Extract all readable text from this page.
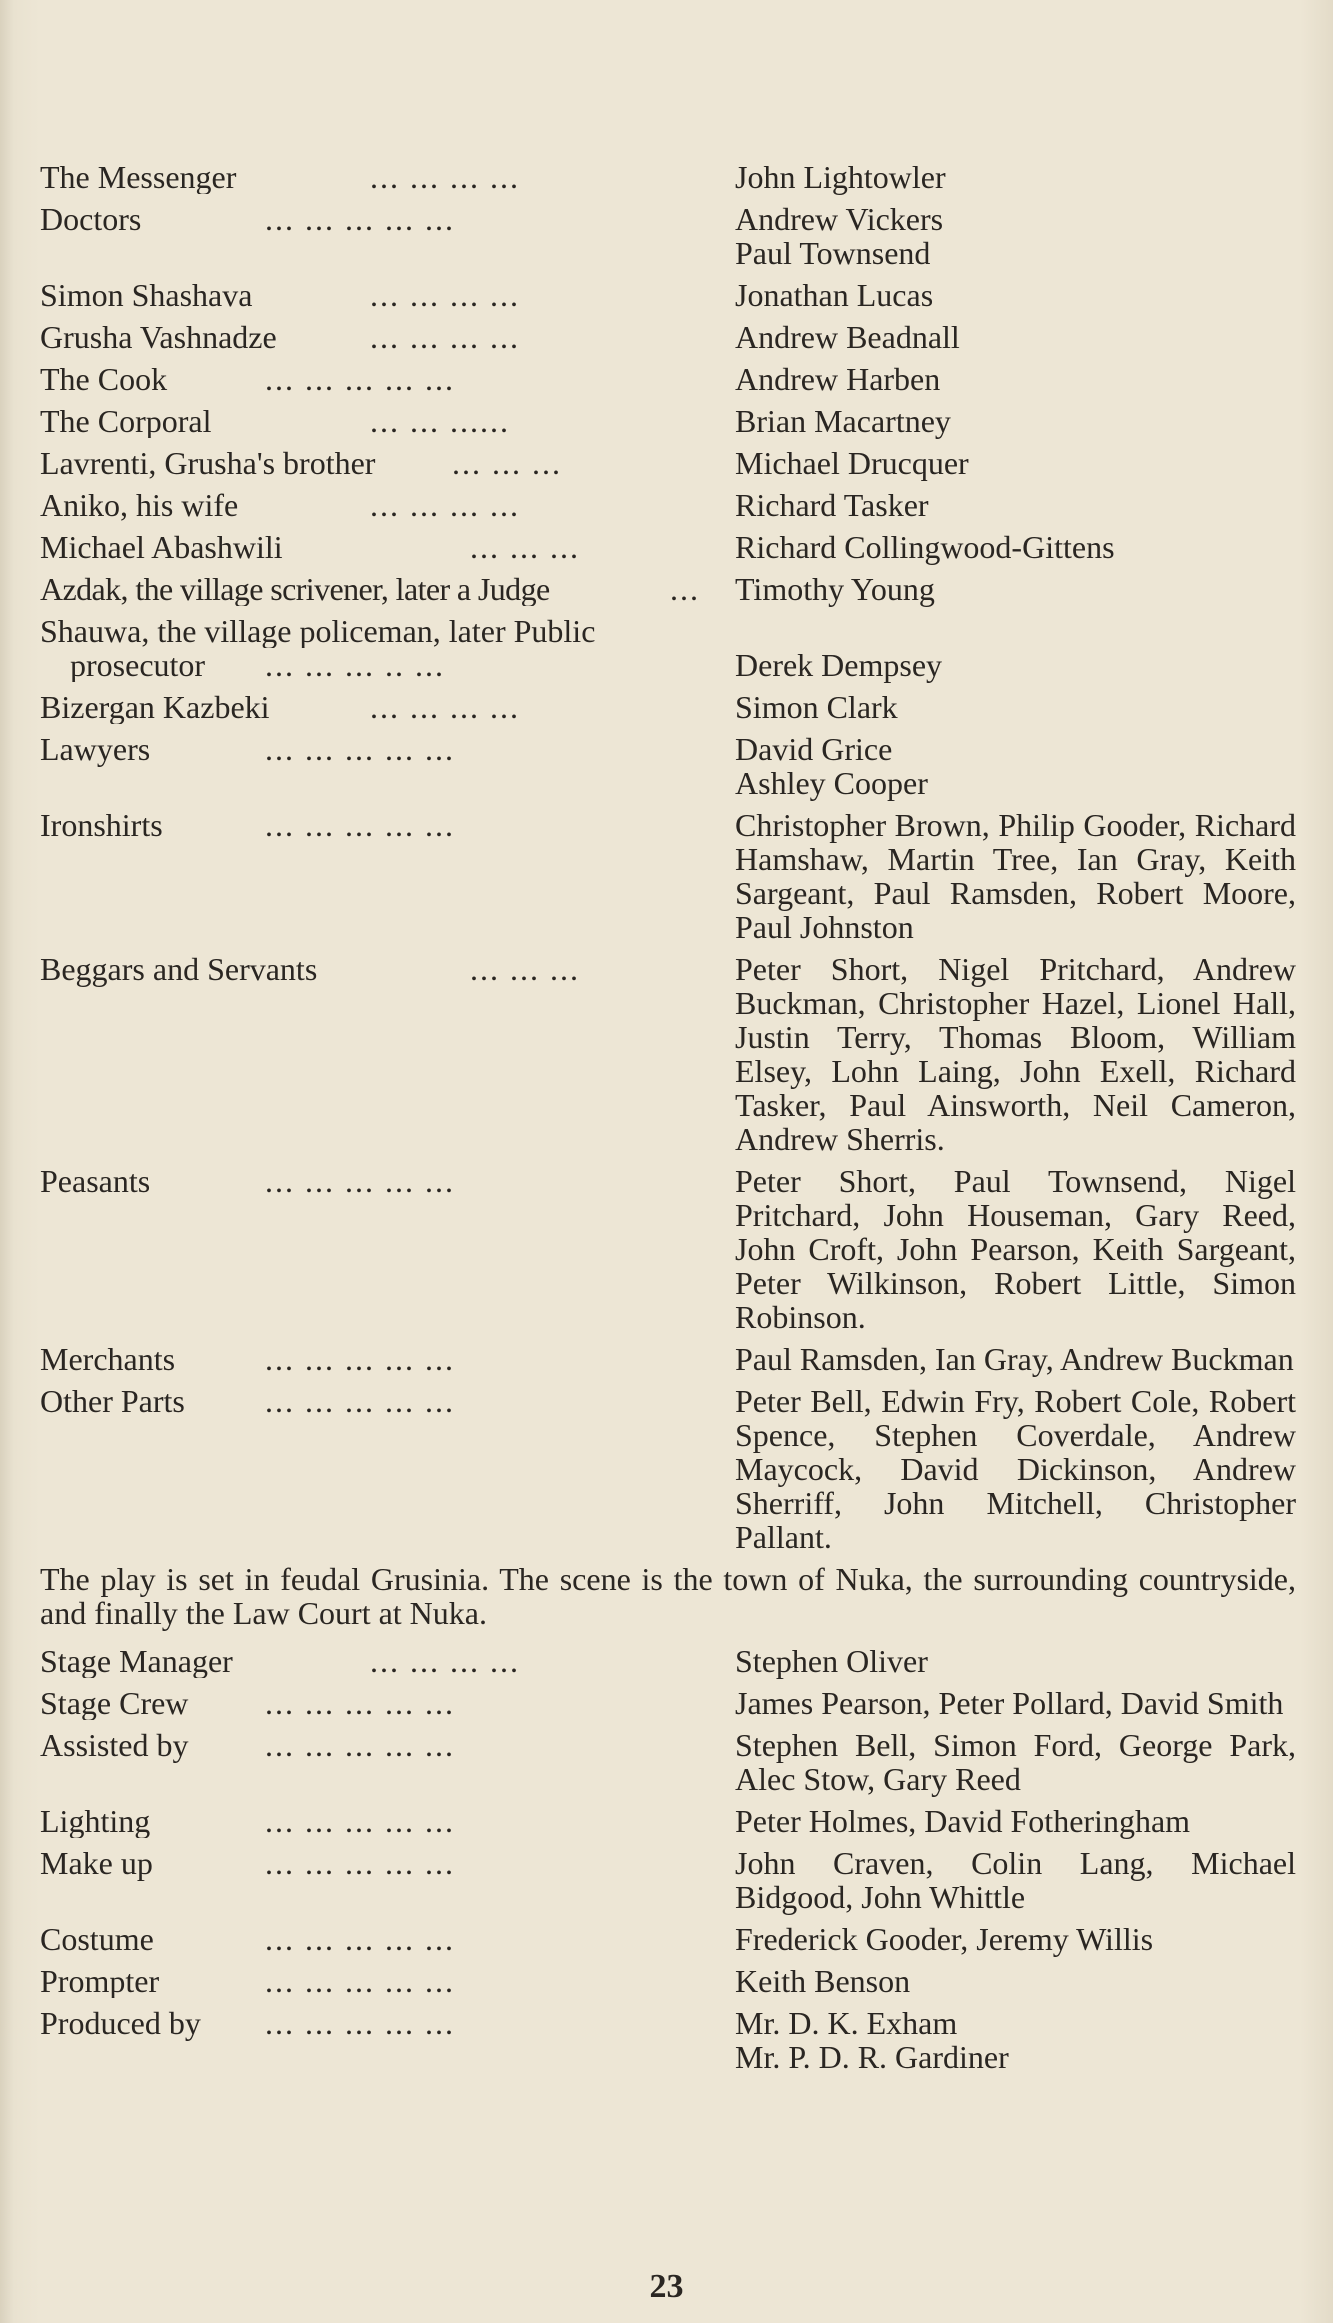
The Messenger	... ... ... ...	John Lightowler
Doctors	... ... ... ... ...	Andrew Vickers
Paul Townsend
Simon Shashava	... ... ... ...	Jonathan Lucas
Grusha Vashnadze	... ... ... ...	Andrew Beadnall
The Cook	... ... ... ... ...	Andrew Harben
The Corporal	... ... ......	Brian Macartney
Lavrenti, Grusha's brother ... ... ...	Michael Drucquer
Aniko, his wife	... ... ... ...	Richard Tasker
Michael Abashwili	... ... ...	Richard Collingwood-Gittens
Azdak, the village scrivener, later a Judge	... Timothy Young
Shauwa, the village policeman, later Public
prosecutor ... ... ... .. ...	Derek Dempsey
Bizergan Kazbeki	... ... ... ...	Simon Clark
Lawyers	... ... ... ... ...	David Grice
Ashley Cooper
Ironshirts	... ... ... ... ...	Christopher Brown, Philip Gooder, Richard Hamshaw, Martin Tree, Ian Gray, Keith Sargeant, Paul Ramsden, Robert Moore, Paul Johnston
Beggars and Servants	... ... ...	Peter Short, Nigel Pritchard, Andrew Buckman, Christopher Hazel, Lionel Hall, Justin Terry, Thomas Bloom, William Elsey, Lohn Laing, John Exell, Richard Tasker, Paul Ainsworth, Neil Cameron, Andrew Sherris.
Peasants	... ... ... ... ...	Peter Short, Paul Townsend, Nigel Pritchard, John Houseman, Gary Reed, John Croft, John Pearson, Keith Sargeant, Peter Wilkinson, Robert Little, Simon Robinson.
Merchants	... ... ... ... ...	Paul Ramsden, Ian Gray, Andrew Buckman
Other Parts	... ... ... ... ...	Peter Bell, Edwin Fry, Robert Cole, Robert Spence, Stephen Coverdale, Andrew Maycock, David Dickinson, Andrew Sherriff, John Mitchell, Christopher Pallant.
The play is set in feudal Grusinia. The scene is the town of Nuka, the surrounding countryside, and finally the Law Court at Nuka.
Stage Manager	... ... ... ...	Stephen Oliver
Stage Crew ... ... ... ... ...	James Pearson, Peter Pollard, David Smith
Assisted by ... ... ... ... ...	Stephen Bell, Simon Ford, George Park, Alec Stow, Gary Reed
Lighting	... ... ... ... ...	Peter Holmes, David Fotheringham
Make up	... ... ... ... ...	John Craven, Colin Lang, Michael Bidgood, John Whittle
Costume	... ... ... ... ...	Frederick Gooder, Jeremy Willis
Prompter	... ... ... ... ...	Keith Benson
Produced by ... ... ... ... ...	Mr. D. K. Exham
Mr. P. D. R. Gardiner
23
